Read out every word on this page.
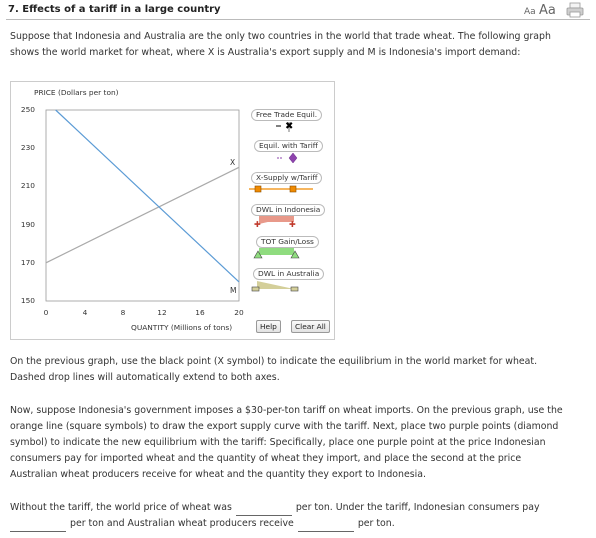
7. Effects of a tariff in a large country	Aa Aa
Suppose that Indonesia and Australia are the only two countries in the world that trade wheat. The following graph shows the world market for wheat, where X is Australia's export supply and M is Indonesia's import demand:
✖
✚	✚
PRICE (Dollars per ton)
250
230
210
190
170
150
0	4	8	12	16	20
QUANTITY (Millions of tons)
X
M
Free Trade Equil.
Equil. with Tariff
X-Supply w/Tariff
DWL in Indonesia
TOT Gain/Loss
DWL in Australia
Help	Clear All
On the previous graph, use the black point (X symbol) to indicate the equilibrium in the world market for wheat. Dashed drop lines will automatically extend to both axes.
Now, suppose Indonesia's government imposes a $30-per-ton tariff on wheat imports. On the previous graph, use the orange line (square symbols) to draw the export supply curve with the tariff. Next, place two purple points (diamond symbol) to indicate the new equilibrium with the tariff: Specifically, place one purple point at the price Indonesian consumers pay for imported wheat and the quantity of wheat they import, and place the second at the price Australian wheat producers receive for wheat and the quantity they export to Indonesia.
Without the tariff, the world price of wheat was	per ton. Under the tariff, Indonesian consumers pay
per ton and Australian wheat producers receive	per ton.
